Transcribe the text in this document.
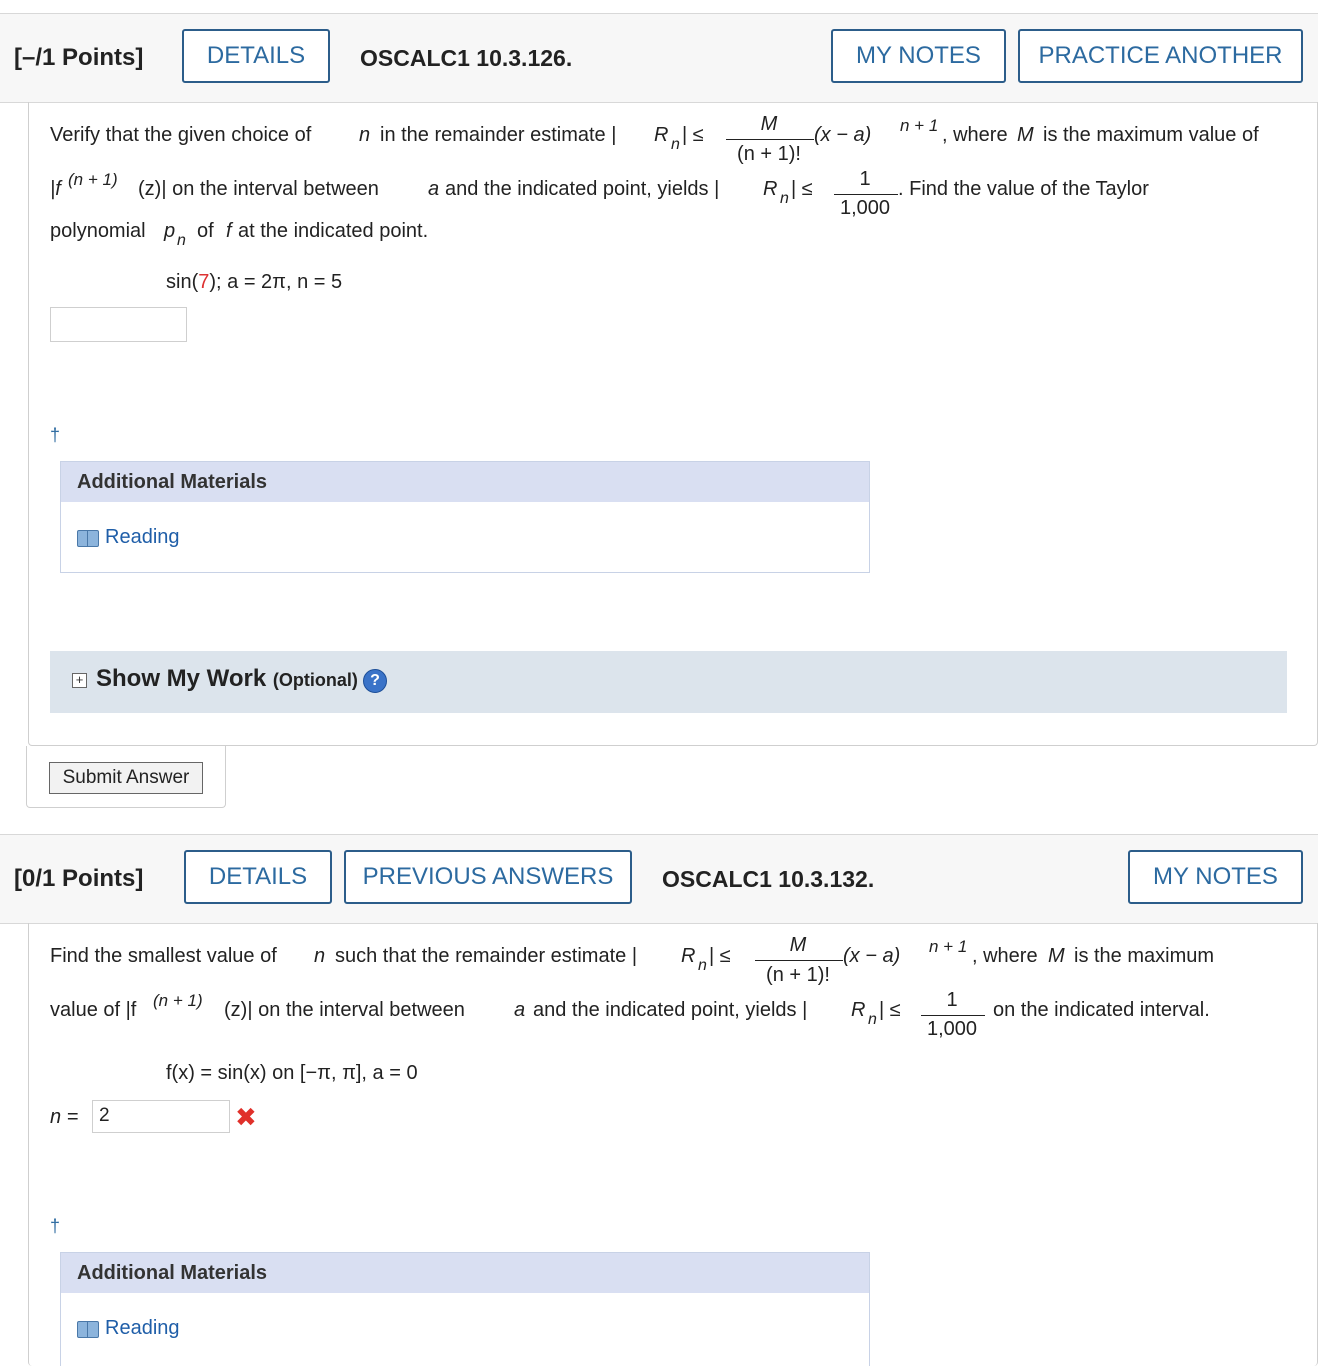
[–/1 Points]	DETAILS	OSCALC1 10.3.126.	MY NOTES	PRACTICE ANOTHER
Verify that the given choice of n in the remainder estimate | R n | ≤	M
(n + 1)!
(x − a) n + 1 , where M is the maximum value of
|f (n + 1) (z)| on the interval between a and the indicated point, yields | R n | ≤	1
1,000
. Find the value of the Taylor
polynomial p n of f at the indicated point.
sin(7); a = 2π, n = 5
†
Additional Materials
Reading
+ Show My Work (Optional) ?
Submit Answer
[0/1 Points]	DETAILS	PREVIOUS ANSWERS	OSCALC1 10.3.132.	MY NOTES
Find the smallest value of n such that the remainder estimate | R n | ≤	M
(n + 1)!
(x − a) n + 1 , where M is the maximum
value of |f (n + 1) (z)| on the interval between a and the indicated point, yields | R n | ≤	1
1,000
on the indicated interval.
f(x) = sin(x) on [−π, π], a = 0
n =	2	✖
†
Additional Materials
Reading
